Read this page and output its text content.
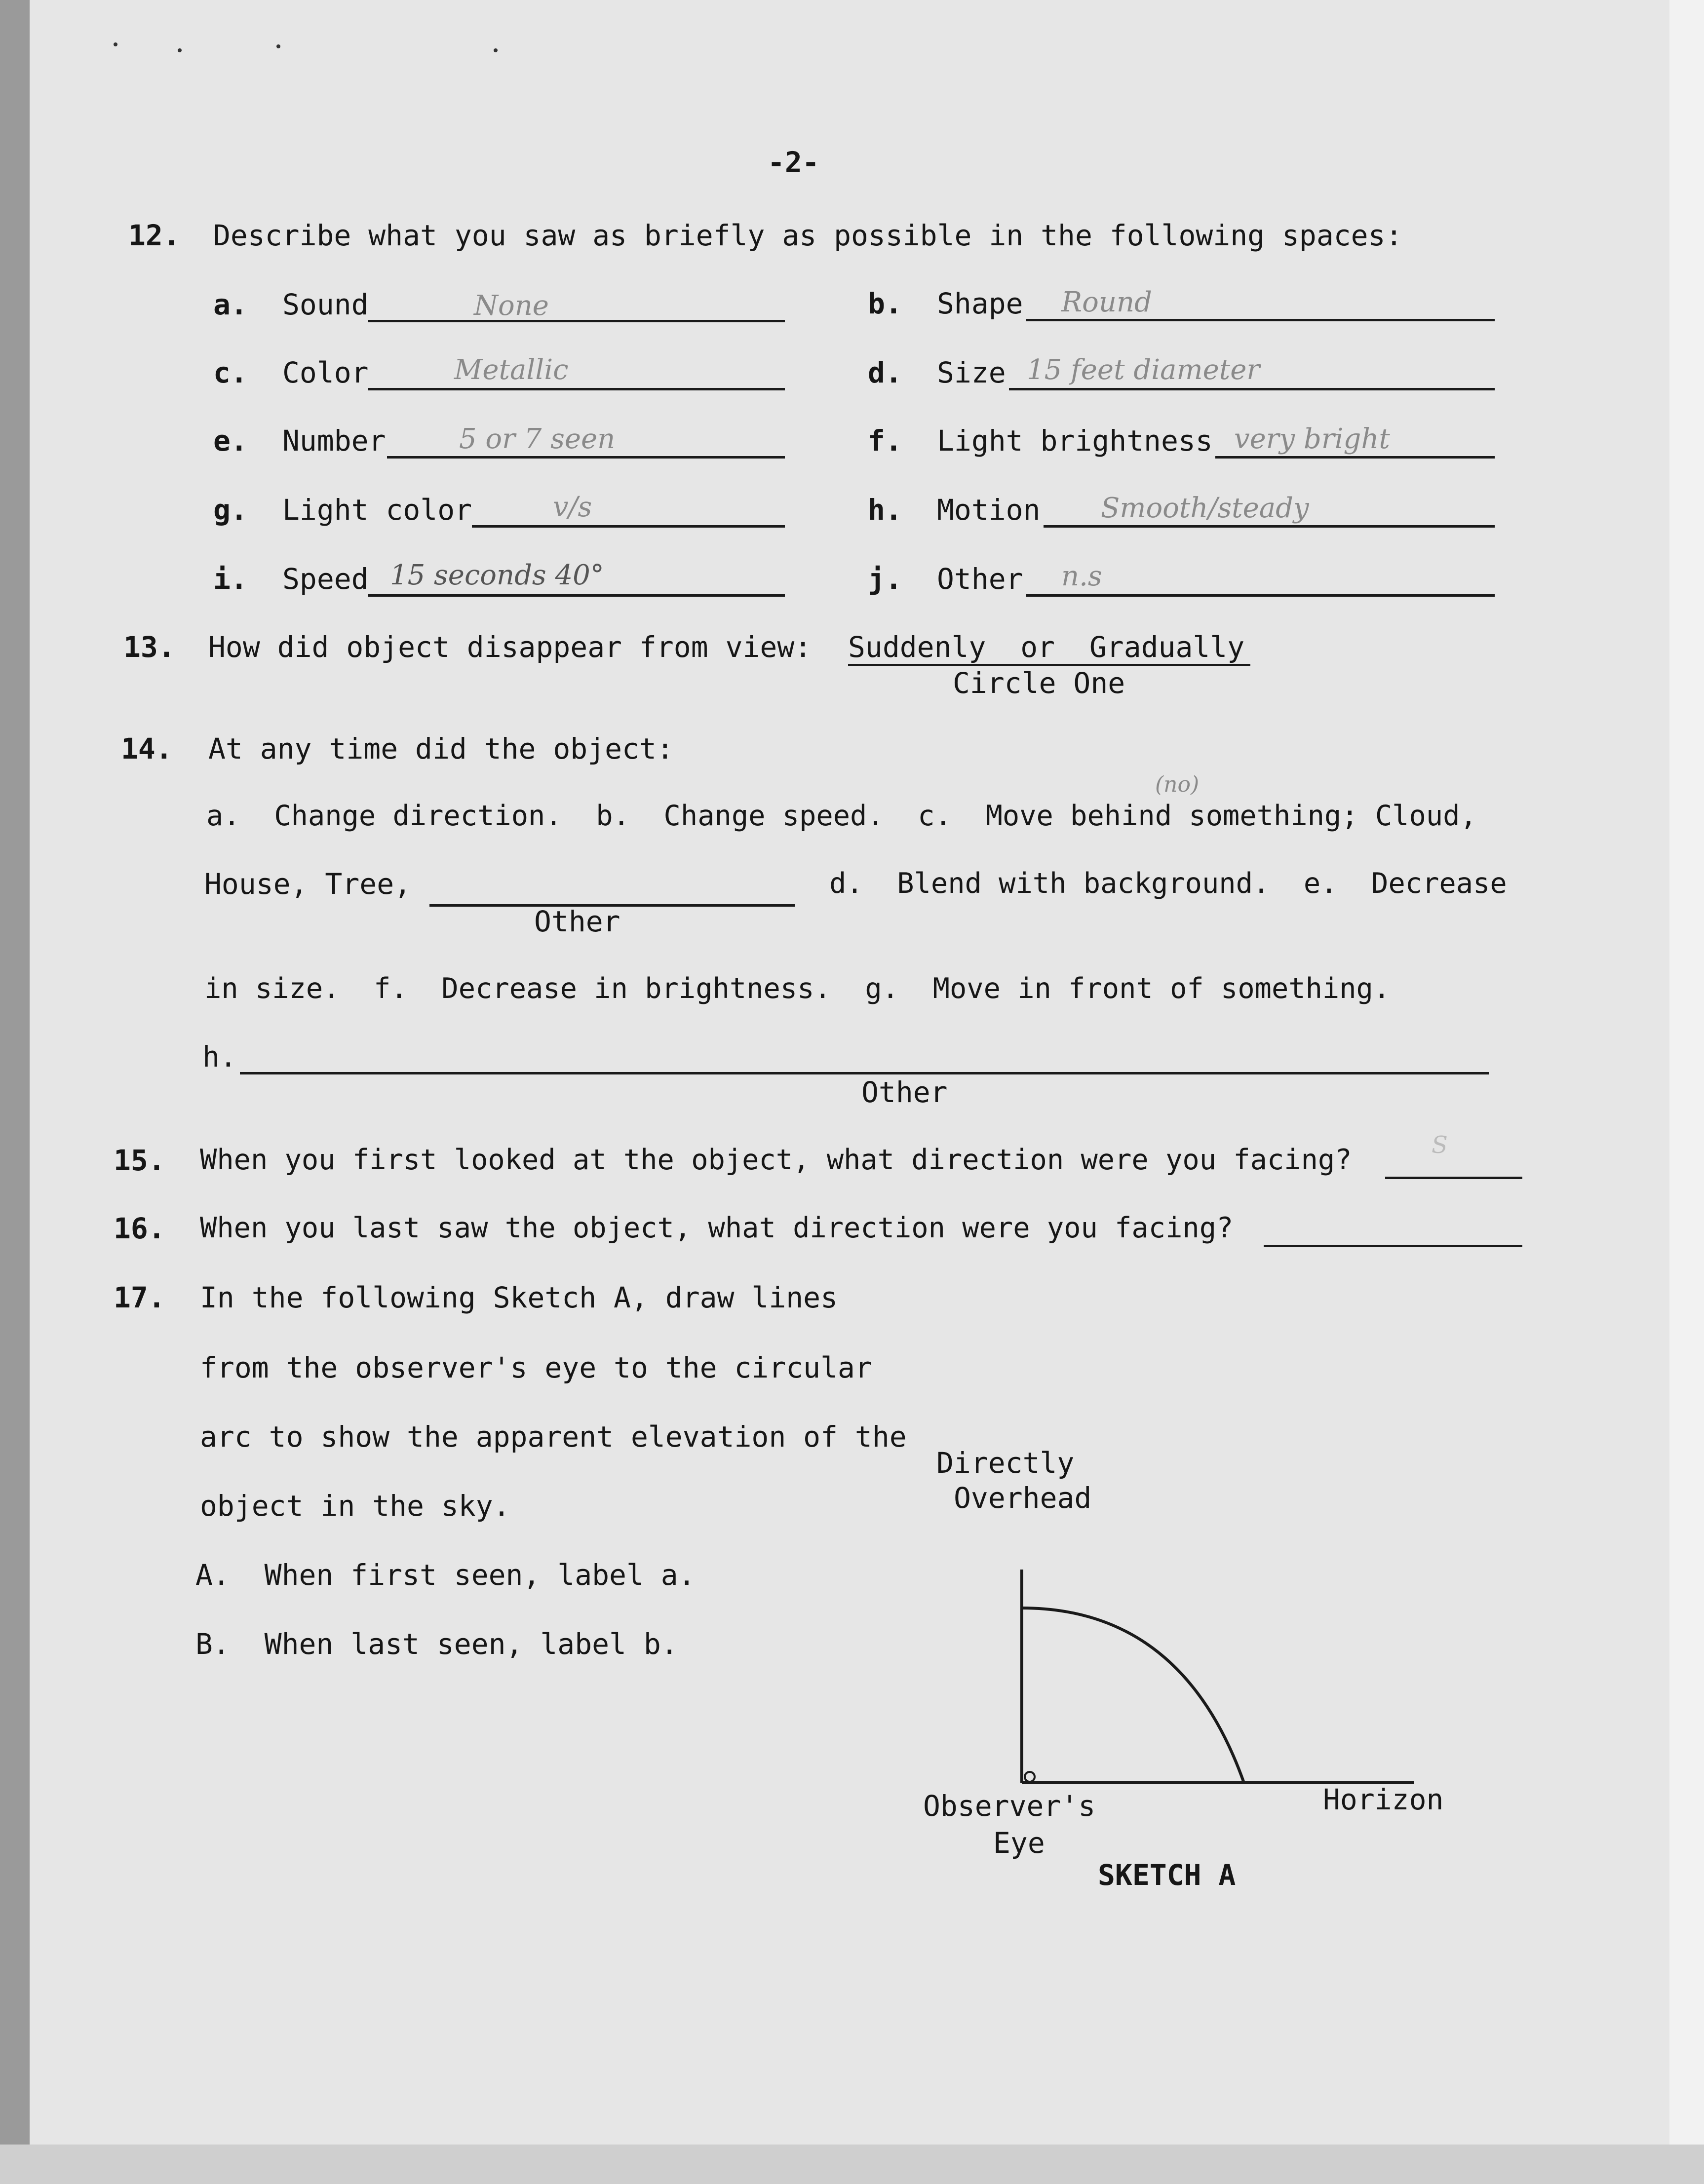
-2-
12. Describe what you saw as briefly as possible in the following spaces:
a. Sound	None	b. Shape Round
c. Color	Metallic	d. Size 15 feet diameter
e. Number	5 or 7 seen	f. Light brightness very bright
g. Light color	v/s	h. Motion Smooth/steady
i. Speed 15 seconds 40°	j. Other n.s
13. How did object disappear from view: Suddenly  or  Gradually
Circle One
14. At any time did the object:
(no)
a.  Change direction.  b.  Change speed.  c.  Move behind something; Cloud,
House, Tree,
Other
d.  Blend with background.  e.  Decrease
in size.  f.  Decrease in brightness.  g.  Move in front of something.
h.
Other
15. When you first looked at the object, what direction were you facing?	S
16. When you last saw the object, what direction were you facing?
17. In the following Sketch A, draw lines
from the observer's eye to the circular
arc to show the apparent elevation of the
object in the sky.
A.  When first seen, label a.
B.  When last seen, label b.
Directly
Overhead
Observer's
Eye
Horizon
SKETCH A
